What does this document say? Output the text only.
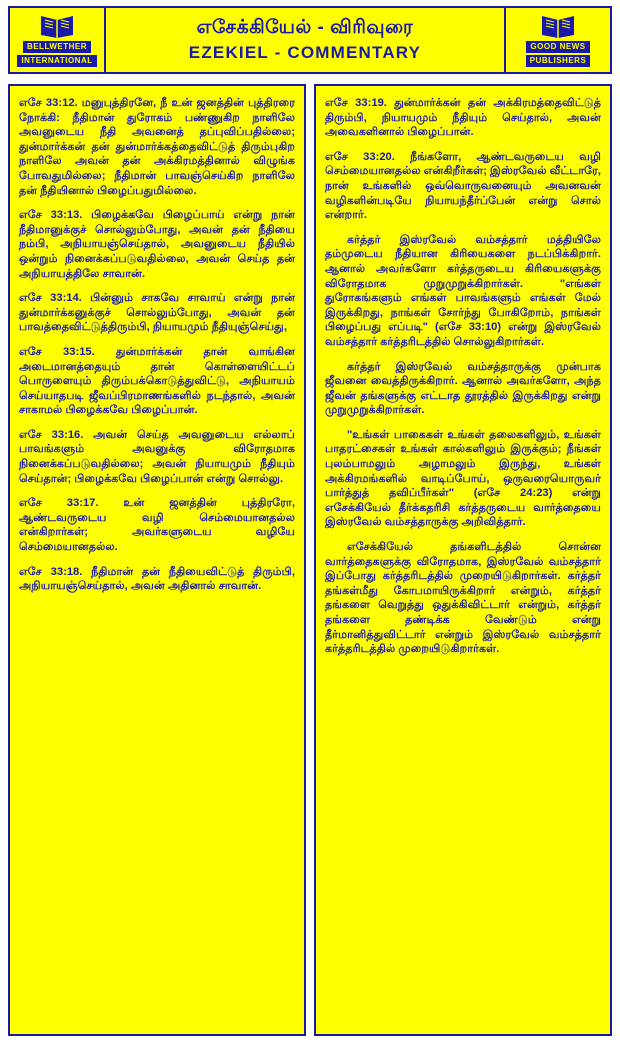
BELLWETHER
INTERNATIONAL
எசேக்கியேல் - விரிவுரை
EZEKIEL - COMMENTARY	GOOD NEWS
PUBLISHERS

எசே 33:12. மனுபுத்திரனே, நீ உன் ஜனத்தின் புத்திரரை நோக்கி: நீதிமான் துரோகம் பண்ணுகிற நாளிலே அவனுடைய நீதி அவனைத் தப்புவிப்பதில்லை; துன்மார்க்கன் தன் துன்மார்க்கத்தைவிட்டுத் திரும்புகிற நாளிலே அவன் தன் அக்கிரமத்தினால் விழுங்க போவதுமில்லை; நீதிமான் பாவஞ்செய்கிற நாளிலே தன் நீதியினால் பிழைப்பதுமில்லை.

எசே 33:13. பிழைக்கவே பிழைப்பாய் என்று நான் நீதிமானுக்குச் சொல்லும்போது, அவன் தன் நீதியை நம்பி, அநியாயஞ்செய்தால், அவனுடைய நீதியில் ஒன்றும் நினைக்கப்படுவதில்லை, அவன் செய்த தன் அநியாயத்திலே சாவான்.

எசே 33:14. பின்னும் சாகவே சாவாய் என்று நான் துன்மார்க்கனுக்குச் சொல்லும்போது, அவன் தன் பாவத்தைவிட்டுத்திரும்பி, நியாயமும் நீதியுஞ்செய்து,

எசே 33:15. துன்மார்க்கன் தான் வாங்கின அடைமானத்தையும் தான் கொள்ளையிட்டப் பொருளையும் திரும்பக்கொடுத்துவிட்டு, அநியாயம் செய்யாதபடி ஜீவப்பிரமாணங்களில் நடந்தால், அவன் சாகாமல் பிழைக்கவே பிழைப்பான்.

எசே 33:16. அவன் செய்த அவனுடைய எல்லாப் பாவங்களும் அவனுக்கு விரோதமாக நினைக்கப்படுவதில்லை; அவன் நியாயமும் நீதியும் செய்தான்; பிழைக்கவே பிழைப்பான் என்று சொல்லு.

எசே 33:17. உன் ஜனத்தின் புத்திரரோ, ஆண்டவருடைய வழி செம்மையானதல்ல என்கிறார்கள்; அவர்களுடைய வழியே செம்மையானதல்ல.

எசே 33:18. நீதிமான் தன் நீதியைவிட்டுத் திரும்பி, அநியாயஞ்செய்தால், அவன் அதினால் சாவான்.

எசே 33:19. துன்மார்க்கன் தன் அக்கிரமத்தைவிட்டுத் திரும்பி, நியாயமும் நீதியும் செய்தால், அவன் அவைகளினால் பிழைப்பான்.

எசே 33:20. நீங்களோ, ஆண்டவருடைய வழி செம்மையானதல்ல என்கிறீர்கள்; இஸ்ரவேல் வீட்டாரே, நான் உங்களில் ஒவ்வொருவனையும் அவனவன் வழிகளின்படியே நியாயந்தீர்ப்பேன் என்று சொல் என்றார்.

கர்த்தர் இஸ்ரவேல் வம்சத்தார் மத்தியிலே தம்முடைய நீதியான கிரியைகளை நடப்பிக்கிறார். ஆனால் அவர்களோ கர்த்தருடைய கிரியைகளுக்கு விரோதமாக முறுமுறுக்கிறார்கள். "எங்கள் துரோகங்களும் எங்கள் பாவங்களும் எங்கள் மேல் இருக்கிறது, நாங்கள் சோர்ந்து போகிறோம், நாங்கள் பிழைப்பது எப்படி" (எசே 33:10) என்று இஸ்ரவேல் வம்சத்தார் கர்த்தரிடத்தில் சொல்லுகிறார்கள்.

கர்த்தர் இஸ்ரவேல் வம்சத்தாருக்கு முன்பாக ஜீவனை வைத்திருக்கிறார். ஆனால் அவர்களோ, அந்த ஜீவன் தங்களுக்கு எட்டாத தூரத்தில் இருக்கிறது என்று முறுமுறுக்கிறார்கள்.

"உங்கள் பாகைகள் உங்கள் தலைகளிலும், உங்கள் பாதரட்சைகள் உங்கள் கால்களிலும் இருக்கும்; நீங்கள் புலம்பாமலும் அழாமலும் இருந்து, உங்கள் அக்கிரமங்களில் வாடிப்போய், ஒருவரையொருவர் பார்த்துத் தவிப்பீர்கள்" (எசே 24:23) என்று எசேக்கியேல் தீர்க்கதரிசி கர்த்தருடைய வார்த்தையை இஸ்ரவேல் வம்சத்தாருக்கு அறிவித்தார்.

எசேக்கியேல் தங்களிடத்தில் சொன்ன வார்த்தைகளுக்கு விரோதமாக, இஸ்ரவேல் வம்சத்தார் இப்போது கர்த்தரிடத்தில் முறையிடுகிறார்கள். கர்த்தர் தங்கள்மீது கோபமாயிருக்கிறார் என்றும், கர்த்தர் தங்களை வெறுத்து ஒதுக்கிவிட்டார் என்றும், கர்த்தர் தங்களை தண்டிக்க வேண்டும் என்று தீர்மானித்துவிட்டார் என்றும் இஸ்ரவேல் வம்சத்தார் கர்த்தரிடத்தில் முறையிடுகிறார்கள்.
